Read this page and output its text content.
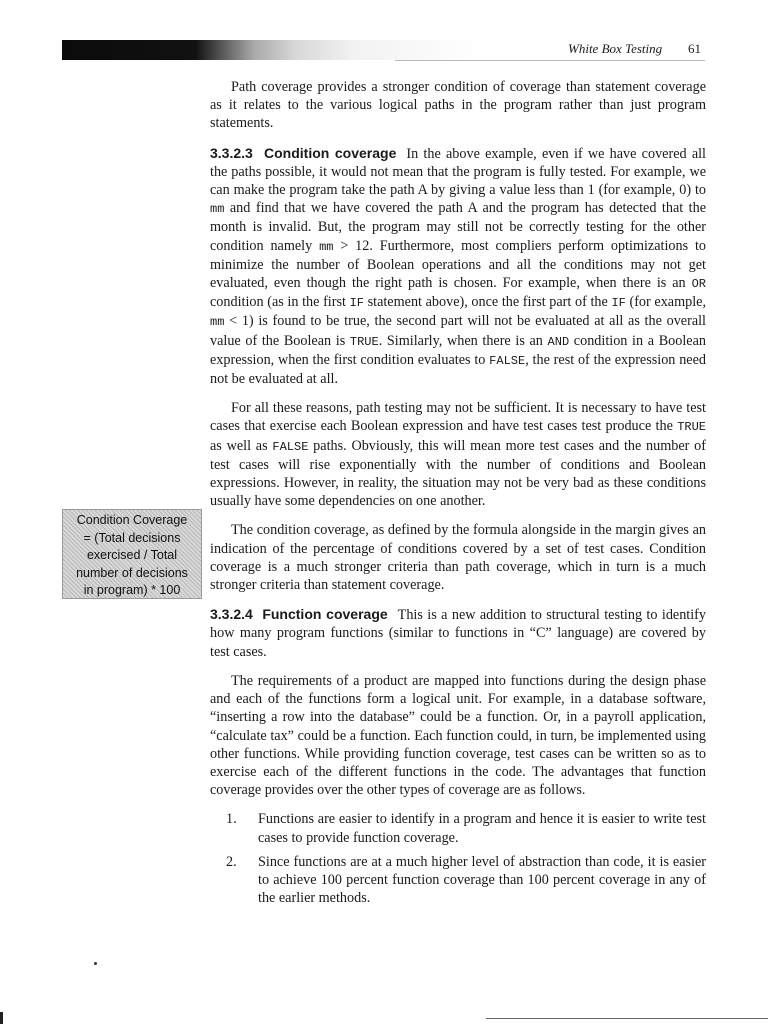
White Box Testing 61
Condition Coverage
= (Total decisions
exercised / Total
number of decisions
in program) * 100

Path coverage provides a stronger condition of coverage than statement coverage as it relates to the various logical paths in the program rather than just program statements.

3.3.2.3 Condition coverage In the above example, even if we have covered all the paths possible, it would not mean that the program is fully tested. For example, we can make the program take the path A by giving a value less than 1 (for example, 0) to mm and find that we have covered the path A and the program has detected that the month is invalid. But, the program may still not be correctly testing for the other condition namely mm > 12. Furthermore, most compliers perform optimizations to minimize the number of Boolean operations and all the conditions may not get evaluated, even though the right path is chosen. For example, when there is an OR condition (as in the first IF statement above), once the first part of the IF (for example, mm < 1) is found to be true, the second part will not be evaluated at all as the overall value of the Boolean is TRUE. Similarly, when there is an AND condition in a Boolean expression, when the first condition evaluates to FALSE, the rest of the expression need not be evaluated at all.

For all these reasons, path testing may not be sufficient. It is necessary to have test cases that exercise each Boolean expression and have test cases test produce the TRUE as well as FALSE paths. Obviously, this will mean more test cases and the number of test cases will rise exponentially with the number of conditions and Boolean expressions. However, in reality, the situation may not be very bad as these conditions usually have some dependencies on one another.

The condition coverage, as defined by the formula alongside in the margin gives an indication of the percentage of conditions covered by a set of test cases. Condition coverage is a much stronger criteria than path coverage, which in turn is a much stronger criteria than statement coverage.

3.3.2.4 Function coverage This is a new addition to structural testing to identify how many program functions (similar to functions in “C” language) are covered by test cases.

The requirements of a product are mapped into functions during the design phase and each of the functions form a logical unit. For example, in a database software, “inserting a row into the database” could be a function. Or, in a payroll application, “calculate tax” could be a function. Each function could, in turn, be implemented using other functions. While providing function coverage, test cases can be written so as to exercise each of the different functions in the code. The advantages that function coverage provides over the other types of coverage are as follows.

1. Functions are easier to identify in a program and hence it is easier to write test cases to provide function coverage.
2. Since functions are at a much higher level of abstraction than code, it is easier to achieve 100 percent function coverage than 100 percent coverage in any of the earlier methods.
